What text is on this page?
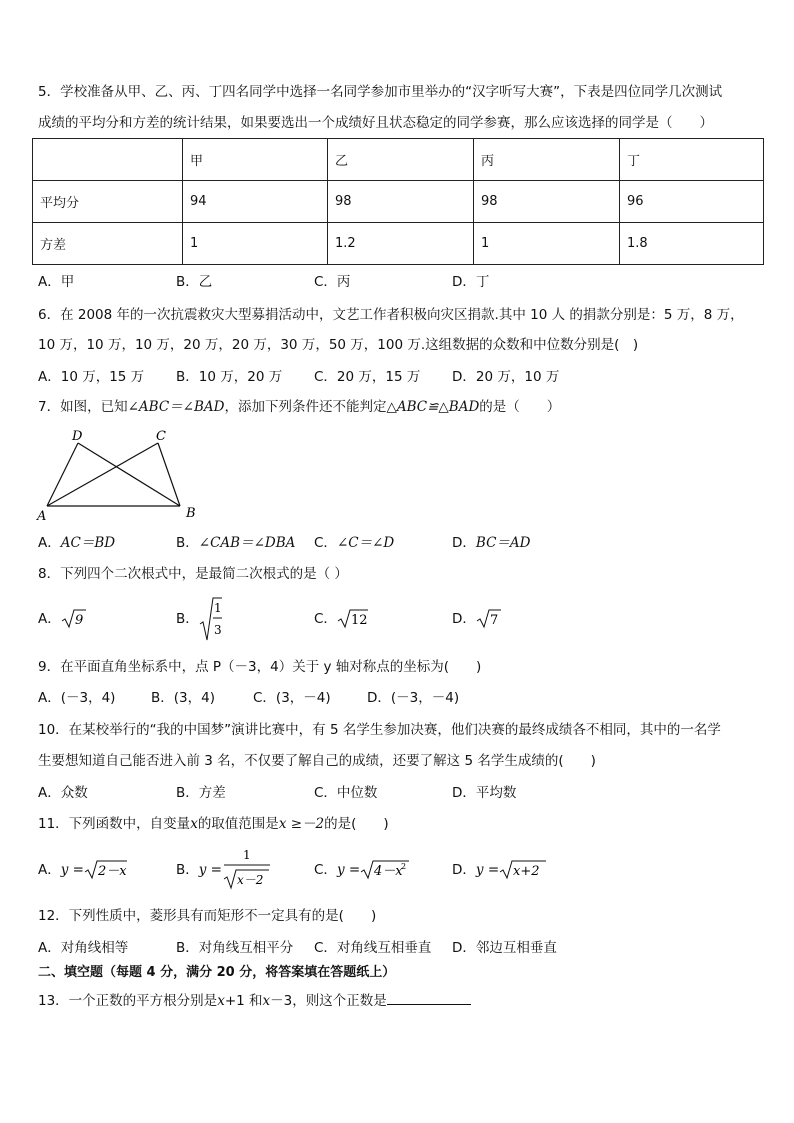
5．学校准备从甲、乙、丙、丁四名同学中选择一名同学参加市里举办的“汉字听写大赛”，下表是四位同学几次测试
成绩的平均分和方差的统计结果，如果要选出一个成绩好且状态稳定的同学参赛，那么应该选择的同学是（　　）
	甲	乙	丙	丁
平均分	94	98	98	96
方差	1	1.2	1	1.8
A．甲	B．乙	C．丙	D．丁
6．在 2008 年的一次抗震救灾大型募捐活动中，文艺工作者积极向灾区捐款.其中 10 人 的捐款分别是：5 万，8 万，
10 万，10 万，10 万，20 万，20 万，30 万，50 万，100 万.这组数据的众数和中位数分别是(　)
A．10 万，15 万 B．10 万，20 万 C．20 万，15 万 D．20 万，10 万
7．如图，已知∠ABC＝∠BAD，添加下列条件还不能判定△ABC≌△BAD的是（　　）
A	B
C
D
A．AC＝BD	B．∠CAB＝∠DBA C．∠C＝∠D	D．BC＝AD
8．下列四个二次根式中，是最简二次根式的是（ ）
A． 9	B．
1
3
C． 12	D． 7
9．在平面直角坐标系中，点 P（－3，4）关于 y 轴对称点的坐标为(　　)
A．(－3，4)	B．(3，4)	C．(3，－4)	D．(－3，－4)
10．在某校举行的“我的中国梦”演讲比赛中，有 5 名学生参加决赛，他们决赛的最终成绩各不相同，其中的一名学
生要想知道自己能否进入前 3 名，不仅要了解自己的成绩，还要了解这 5 名学生成绩的(　　)
A．众数	B．方差	C．中位数	D．平均数
11．下列函数中，自变量x的取值范围是x ≥－2的是(　　)
A．y = 2－x	B．y =
1
x－2
C．y = 4－x
2	D．y = x+2
12．下列性质中，菱形具有而矩形不一定具有的是(　　)
A．对角线相等	B．对角线互相平分 C．对角线互相垂直 D．邻边互相垂直
二、填空题（每题 4 分，满分 20 分，将答案填在答题纸上）
13．一个正数的平方根分别是x+1 和x－3，则这个正数是
